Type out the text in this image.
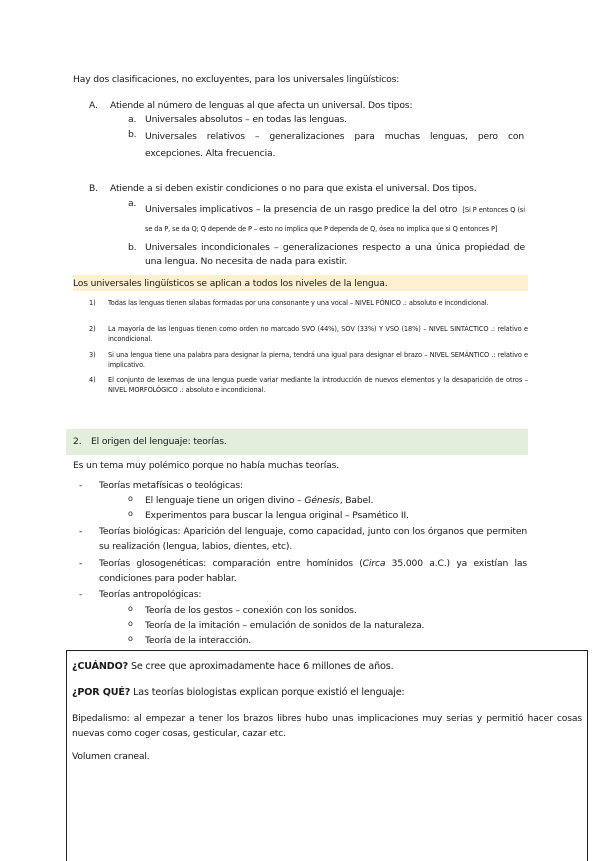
Hay dos clasificaciones, no excluyentes, para los universales lingüísticos:
A. Atiende al número de lenguas al que afecta un universal. Dos tipos:
a. Universales absolutos – en todas las lenguas.
b. Universales relativos – generalizaciones para muchas lenguas, pero con excepciones. Alta frecuencia.
B. Atiende a si deben existir condiciones o no para que exista el universal. Dos tipos.
a.
Universales implicativos – la presencia de un rasgo predice la del otro [Si P entonces Q (si se da P, se da Q; Q depende de P – esto no implica que P dependa de Q, ósea no implica que si Q entonces P]
b. Universales incondicionales – generalizaciones respecto a una única propiedad de una lengua. No necesita de nada para existir.
Los universales lingüísticos se aplican a todos los niveles de la lengua.
1) Todas las lenguas tienen sílabas formadas por una consonante y una vocal – NIVEL FÓNICO .: absoluto e incondicional.
2) La mayoría de las lenguas tienen como orden no marcado SVO (44%), SOV (33%) Y VSO (18%) – NIVEL SINTÁCTICO .: relativo e incondicional.
3) Si una lengua tiene una palabra para designar la pierna, tendrá una igual para designar el brazo – NIVEL SEMÁNTICO .: relativo e implicativo.
4) El conjunto de lexemas de una lengua puede variar mediante la introducción de nuevos elementos y la desaparición de otros – NIVEL MORFOLÓGICO .: absoluto e incondicional.
2. El origen del lenguaje: teorías.
Es un tema muy polémico porque no había muchas teorías.
- Teorías metafísicas o teológicas:
o El lenguaje tiene un origen divino – Génesis, Babel.
o Experimentos para buscar la lengua original – Psamético II.
- Teorías biológicas: Aparición del lenguaje, como capacidad, junto con los órganos que permiten su realización (lengua, labios, dientes, etc).
- Teorías glosogenéticas: comparación entre homínidos (Circa 35.000 a.C.) ya existían las condiciones para poder hablar.
- Teorías antropológicas:
o Teoría de los gestos – conexión con los sonidos.
o Teoría de la imitación – emulación de sonidos de la naturaleza.
o Teoría de la interacción.
¿CUÁNDO? Se cree que aproximadamente hace 6 millones de años.
¿POR QUÉ? Las teorías biologistas explican porque existió el lenguaje:
Bipedalismo: al empezar a tener los brazos libres hubo unas implicaciones muy serias y permitió hacer cosas nuevas como coger cosas, gesticular, cazar etc.
Volumen craneal.
